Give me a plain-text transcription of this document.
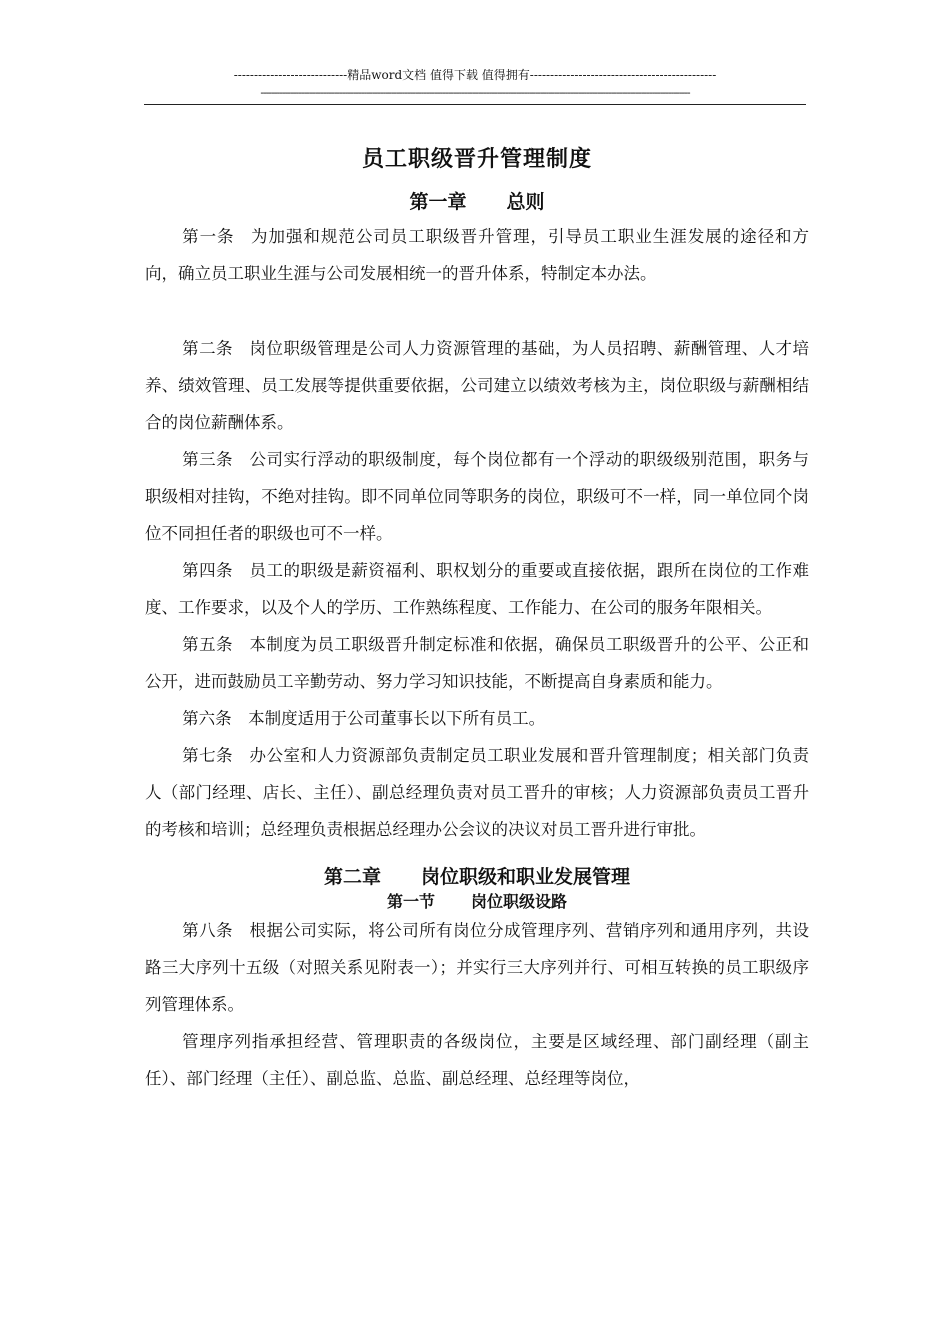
----------------------------精品word文档 值得下载 值得拥有----------------------------------------------
--------------------------------------------------------------------------------------------------------------------------------------------------------------
员工职级晋升管理制度
第一章 总则

第一条 为加强和规范公司员工职级晋升管理，引导员工职业生涯发展的途径和方向，确立员工职业生涯与公司发展相统一的晋升体系，特制定本办法。

第二条 岗位职级管理是公司人力资源管理的基础，为人员招聘、薪酬管理、人才培养、绩效管理、员工发展等提供重要依据，公司建立以绩效考核为主，岗位职级与薪酬相结合的岗位薪酬体系。

第三条 公司实行浮动的职级制度，每个岗位都有一个浮动的职级级别范围，职务与职级相对挂钩，不绝对挂钩。即不同单位同等职务的岗位，职级可不一样，同一单位同个岗位不同担任者的职级也可不一样。

第四条 员工的职级是薪资福利、职权划分的重要或直接依据，跟所在岗位的工作难度、工作要求，以及个人的学历、工作熟练程度、工作能力、在公司的服务年限相关。

第五条 本制度为员工职级晋升制定标准和依据，确保员工职级晋升的公平、公正和公开，进而鼓励员工辛勤劳动、努力学习知识技能，不断提高自身素质和能力。

第六条 本制度适用于公司董事长以下所有员工。

第七条 办公室和人力资源部负责制定员工职业发展和晋升管理制度；相关部门负责人（部门经理、店长、主任）、副总经理负责对员工晋升的审核；人力资源部负责员工晋升的考核和培训；总经理负责根据总经理办公会议的决议对员工晋升进行审批。

第二章 岗位职级和职业发展管理
第一节 岗位职级设路

第八条 根据公司实际，将公司所有岗位分成管理序列、营销序列和通用序列，共设路三大序列十五级（对照关系见附表一）；并实行三大序列并行、可相互转换的员工职级序列管理体系。

管理序列指承担经营、管理职责的各级岗位，主要是区域经理、部门副经理（副主任）、部门经理（主任）、副总监、总监、副总经理、总经理等岗位，
